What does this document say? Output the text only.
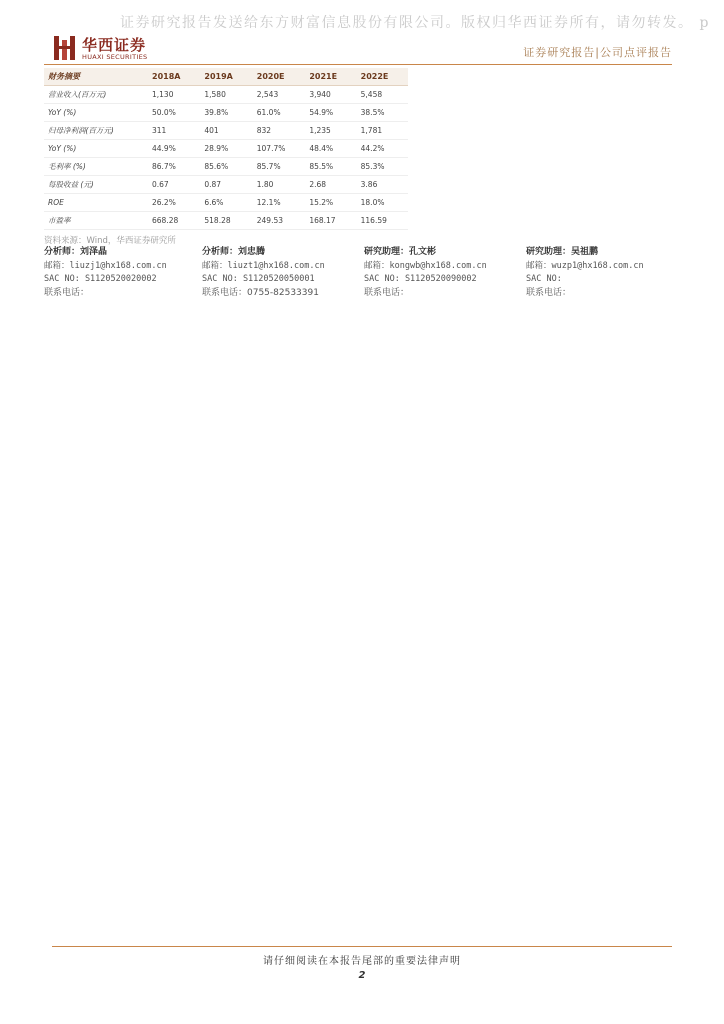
证券研究报告发送给东方财富信息股份有限公司。版权归华西证券所有，请勿转发。 p
华西证券
HUAXI SECURITIES	证券研究报告|公司点评报告
财务摘要	2018A	2019A	2020E	2021E	2022E
营业收入(百万元)	1,130	1,580	2,543	3,940	5,458
YoY (%)	50.0%	39.8%	61.0%	54.9%	38.5%
归母净利润(百万元)	311	401	832	1,235	1,781
YoY (%)	44.9%	28.9%	107.7%	48.4%	44.2%
毛利率 (%)	86.7%	85.6%	85.7%	85.5%	85.3%
每股收益 (元)	0.67	0.87	1.80	2.68	3.86
ROE	26.2%	6.6%	12.1%	15.2%	18.0%
市盈率	668.28	518.28	249.53	168.17	116.59
资料来源：Wind，华西证券研究所
分析师：刘泽晶
邮箱：liuzj1@hx168.com.cn
SAC NO: S1120520020002
联系电话：
分析师：刘忠腾
邮箱：liuzt1@hx168.com.cn
SAC NO: S1120520050001
联系电话：0755-82533391
研究助理：孔文彬
邮箱：kongwb@hx168.com.cn
SAC NO: S1120520090002
联系电话：
研究助理：吴祖鹏
邮箱：wuzp1@hx168.com.cn
SAC NO:
联系电话：
请仔细阅读在本报告尾部的重要法律声明
2
